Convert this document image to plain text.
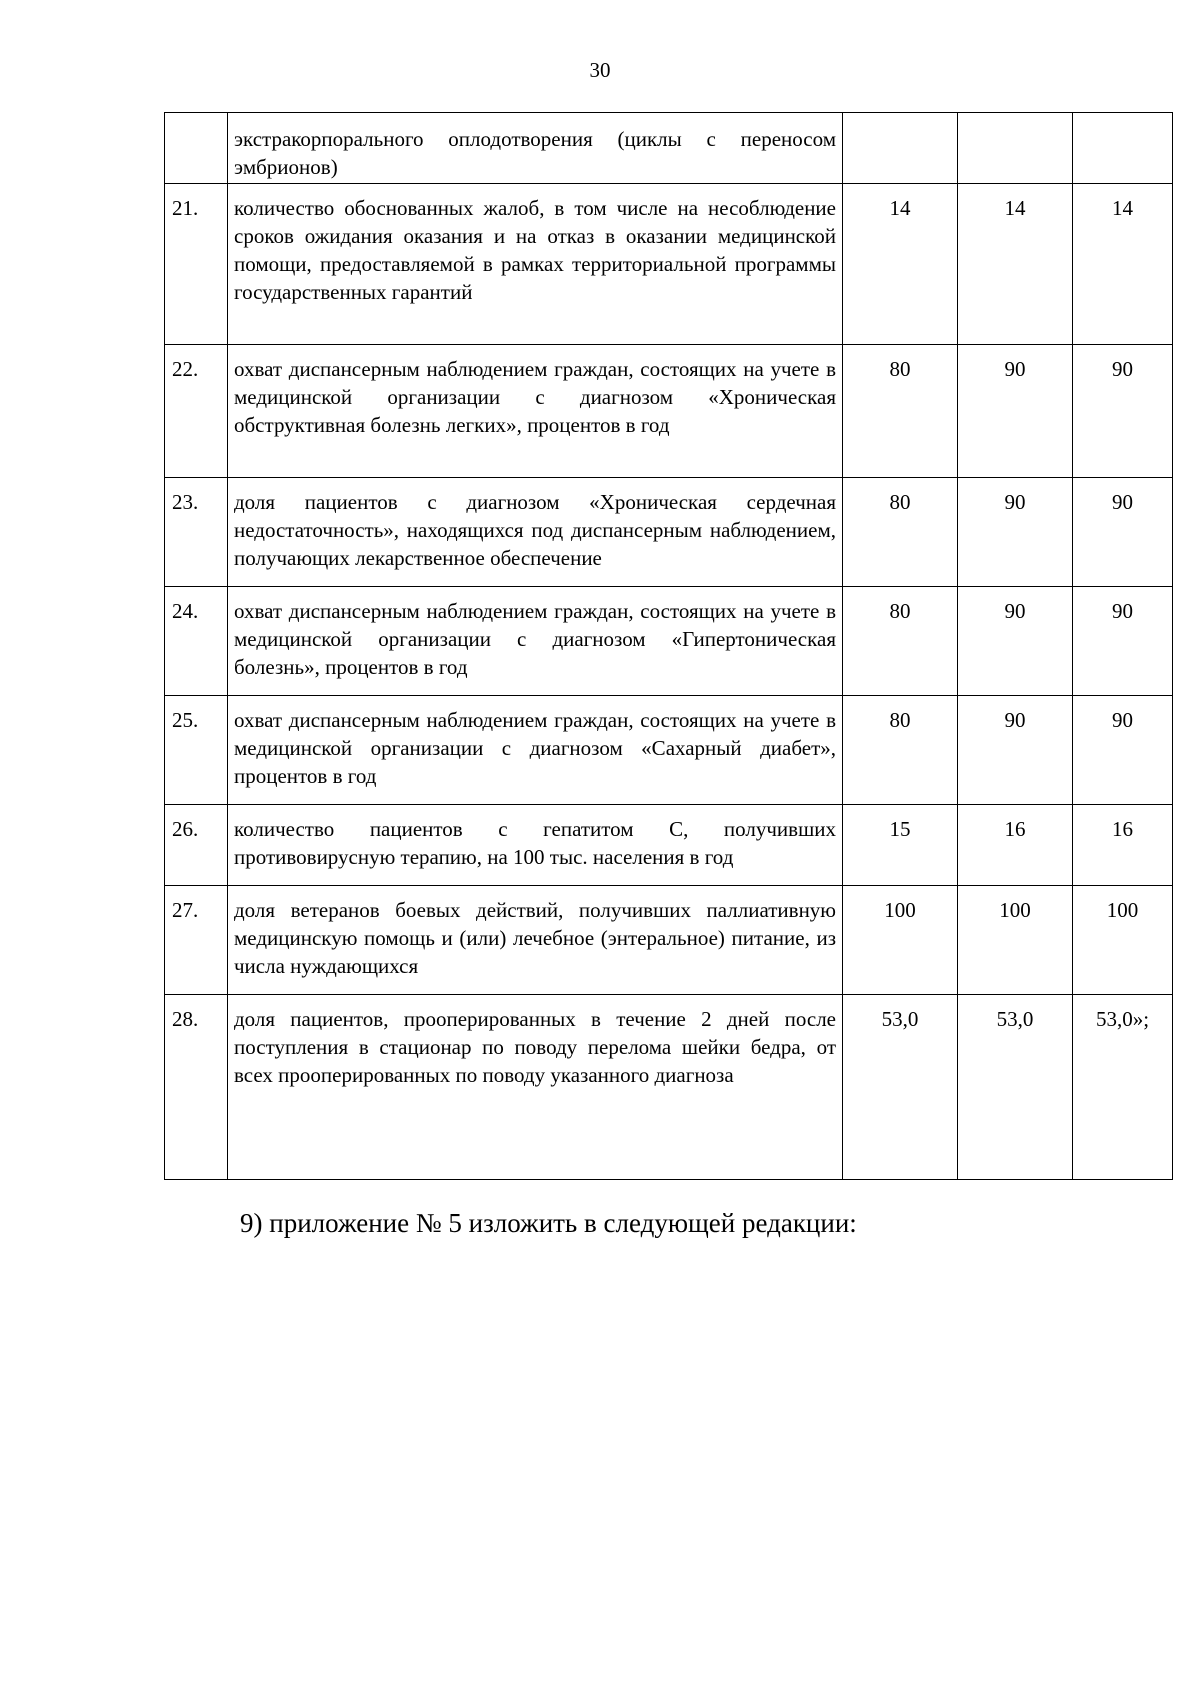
30
	экстракорпорального оплодотворения (циклы с переносом эмбрионов)			
21.	количество обоснованных жалоб, в том числе на несоблюдение сроков ожидания оказания и на отказ в оказании медицинской помощи, предоставляемой в рамках территориальной программы государственных гарантий	14	14	14
22.	охват диспансерным наблюдением граждан, состоящих на учете в медицинской организации с диагнозом «Хроническая обструктивная болезнь легких», процентов в год	80	90	90
23.	доля пациентов с диагнозом «Хроническая сердечная недостаточность», находящихся под диспансерным наблюдением, получающих лекарственное обеспечение	80	90	90
24.	охват диспансерным наблюдением граждан, состоящих на учете в медицинской организации с диагнозом «Гипертоническая болезнь», процентов в год	80	90	90
25.	охват диспансерным наблюдением граждан, состоящих на учете в медицинской организации с диагнозом «Сахарный диабет», процентов в год	80	90	90
26.	количество пациентов с гепатитом С, получивших противовирусную терапию, на 100 тыс. населения в год	15	16	16
27.	доля ветеранов боевых действий, получивших паллиативную медицинскую помощь и (или) лечебное (энтеральное) питание, из числа нуждающихся	100	100	100
28.	доля пациентов, прооперированных в течение 2 дней после поступления в стационар по поводу перелома шейки бедра, от всех прооперированных по поводу указанного диагноза	53,0	53,0	53,0»;
9) приложение № 5 изложить в следующей редакции:
